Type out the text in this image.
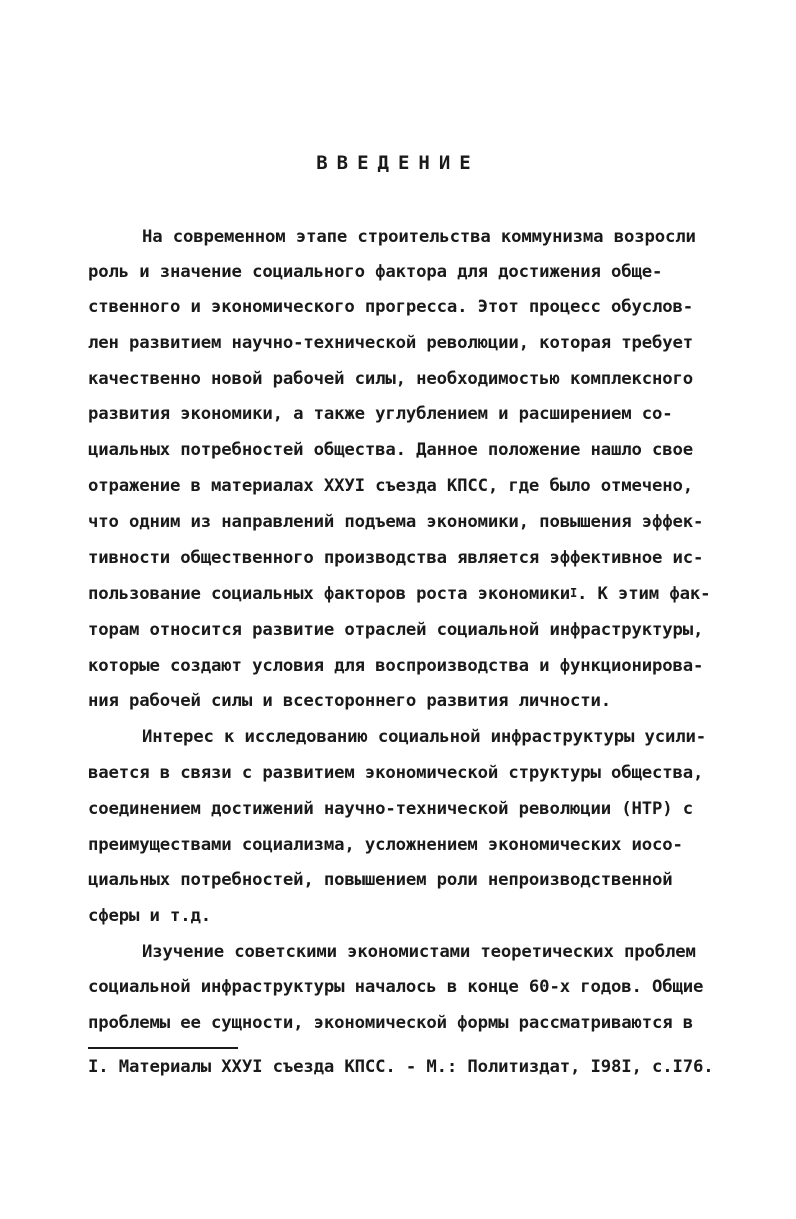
ВВЕДЕНИЕ
На современном этапе строительства коммунизма возросли
роль и значение социального фактора для достижения обще-
ственного и экономического прогресса. Этот процесс обуслов-
лен развитием научно-технической революции, которая требует
качественно новой рабочей силы, необходимостью комплексного
развития экономики, а также углублением и расширением со-
циальных потребностей общества. Данное положение нашло свое
отражение в материалах ХХУI съезда КПСС, где было отмечено,
что одним из направлений подъема экономики, повышения эффек-
тивности общественного производства является эффективное ис-
пользование социальных факторов роста экономики$^I$. К этим фак-
торам относится развитие отраслей социальной инфраструктуры,
которые создают условия для воспроизводства и функционирова-
ния рабочей силы и всестороннего развития личности.
Интерес к исследованию социальной инфраструктуры усили-
вается в связи с развитием экономической структуры общества,
соединением достижений научно-технической революции (НТР) с
преимуществами социализма, усложнением экономических иосо-
циальных потребностей, повышением роли непроизводственной
сферы и т.д.
Изучение советскими экономистами теоретических проблем
социальной инфраструктуры началось в конце 60-х годов. Общие
проблемы ее сущности, экономической формы рассматриваются в
I. Материалы ХХУI съезда КПСС. - М.: Политиздат, I98I, с.I76.
